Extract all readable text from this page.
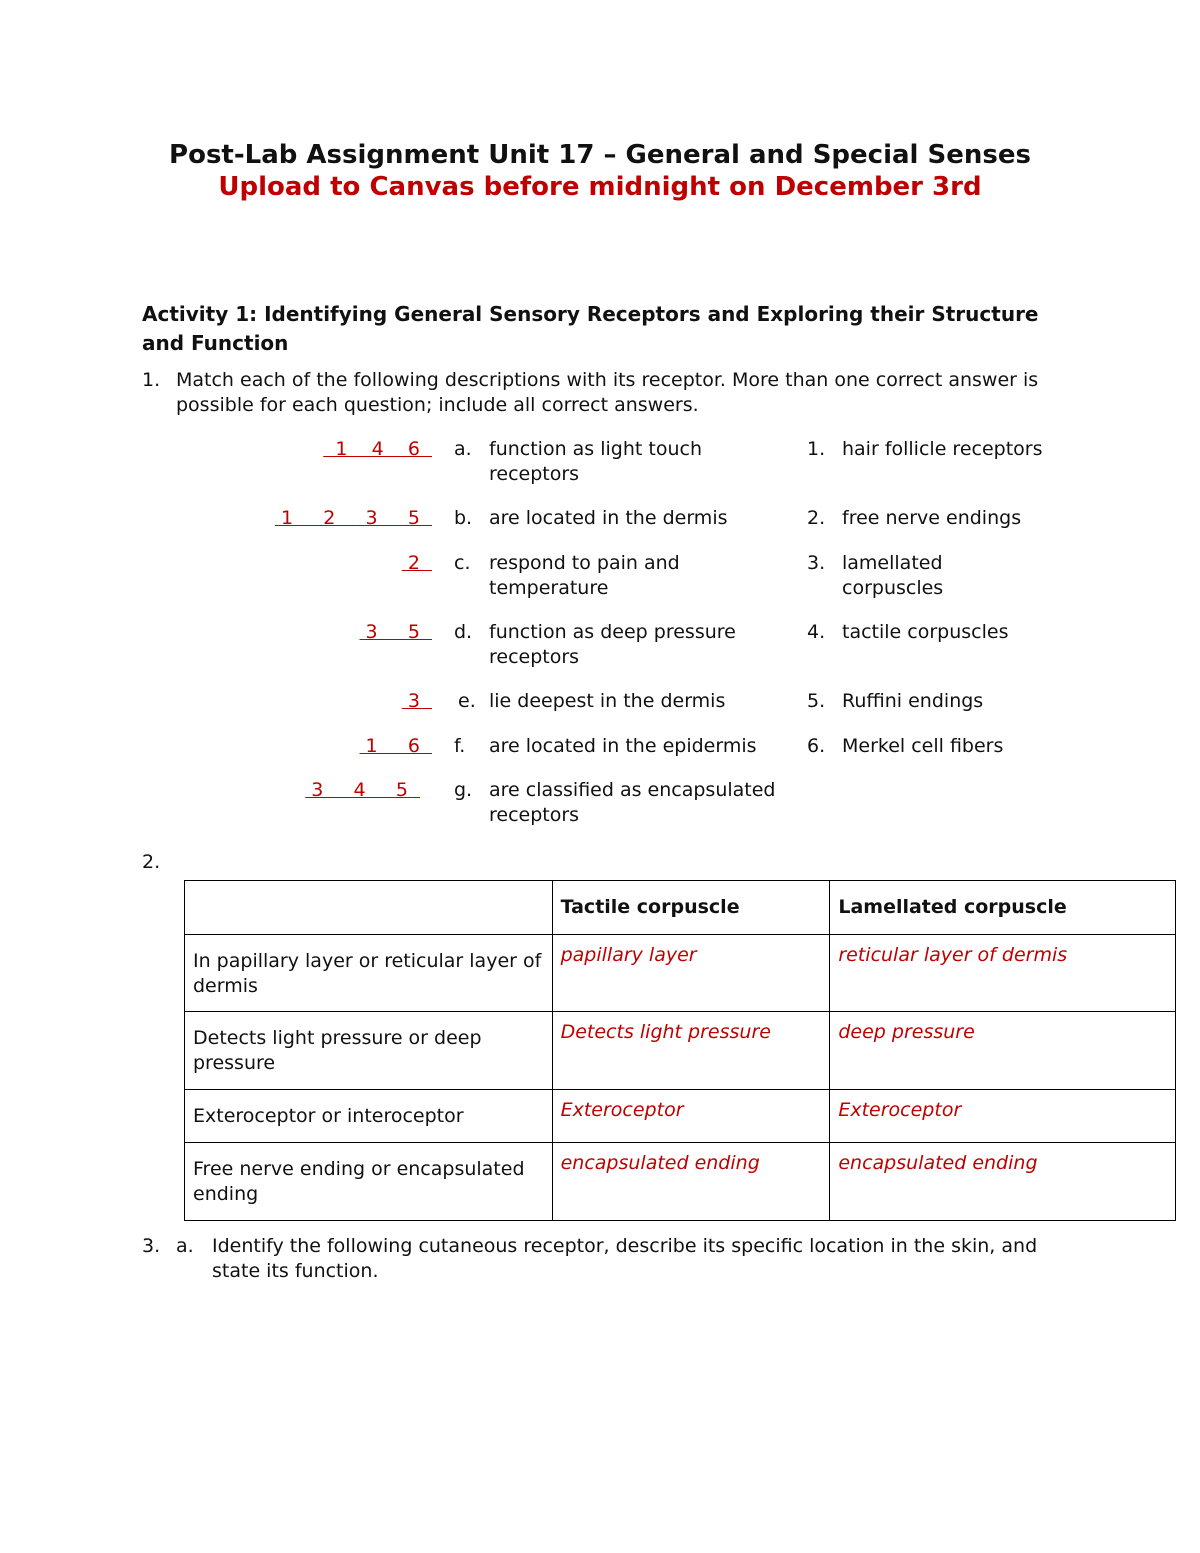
Post-Lab Assignment Unit 17 – General and Special Senses
Upload to Canvas before midnight on December 3rd
Activity 1: Identifying General Sensory Receptors and Exploring their Structure and Function
1. Match each of the following descriptions with its receptor. More than one correct answer is
possible for each question; include all correct answers.
1    4    6 a. function as light touch
receptors
1     2     3     5 b. are located in the dermis
2 c. respond to pain and
temperature
3     5 d. function as deep pressure
receptors
3 e. lie deepest in the dermis
1     6 f. are located in the epidermis
3     4     5 g. are classified as encapsulated
receptors
1. hair follicle receptors
2. free nerve endings
3. lamellated
corpuscles
4. tactile corpuscles
5. Ruffini endings
6. Merkel cell fibers
2.
	Tactile corpuscle	Lamellated corpuscle
In papillary layer or reticular layer of dermis	papillary layer	reticular layer of dermis
Detects light pressure or deep pressure	Detects light pressure	deep pressure
Exteroceptor or interoceptor	Exteroceptor	Exteroceptor
Free nerve ending or encapsulated ending	encapsulated ending	encapsulated ending
3. a. Identify the following cutaneous receptor, describe its specific location in the skin, and
state its function.
